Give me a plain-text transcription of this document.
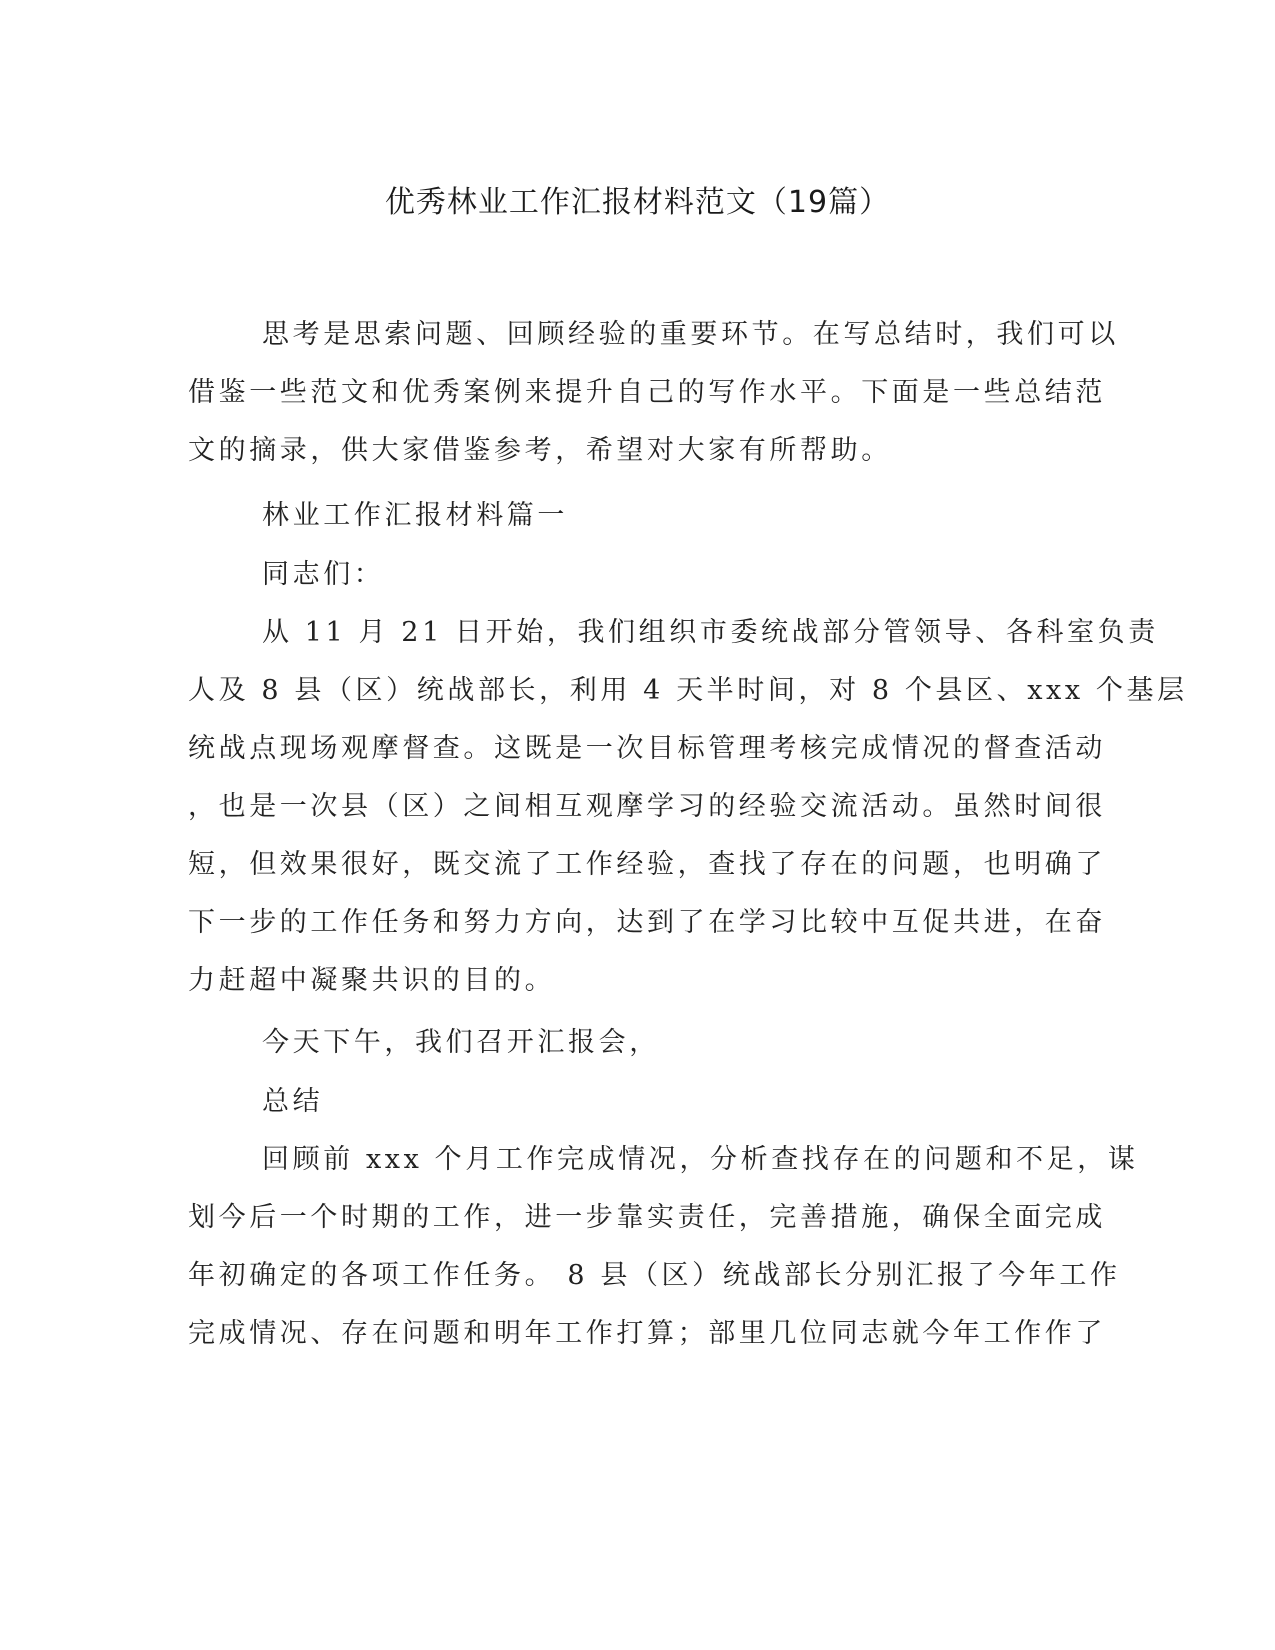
优秀林业工作汇报材料范文（19篇）
思考是思索问题、回顾经验的重要环节。在写总结时，我们可以
借鉴一些范文和优秀案例来提升自己的写作水平。下面是一些总结范
文的摘录，供大家借鉴参考，希望对大家有所帮助。
林业工作汇报材料篇一
同志们：
从 11 月 21 日开始，我们组织市委统战部分管领导、各科室负责
人及 8 县（区）统战部长，利用 4 天半时间，对 8 个县区、xxx 个基层
统战点现场观摩督查。这既是一次目标管理考核完成情况的督查活动
，也是一次县（区）之间相互观摩学习的经验交流活动。虽然时间很
短，但效果很好，既交流了工作经验，查找了存在的问题，也明确了
下一步的工作任务和努力方向，达到了在学习比较中互促共进，在奋
力赶超中凝聚共识的目的。
今天下午，我们召开汇报会，
总结
回顾前 xxx 个月工作完成情况，分析查找存在的问题和不足，谋
划今后一个时期的工作，进一步靠实责任，完善措施，确保全面完成
年初确定的各项工作任务。 8 县（区）统战部长分别汇报了今年工作
完成情况、存在问题和明年工作打算；部里几位同志就今年工作作了
